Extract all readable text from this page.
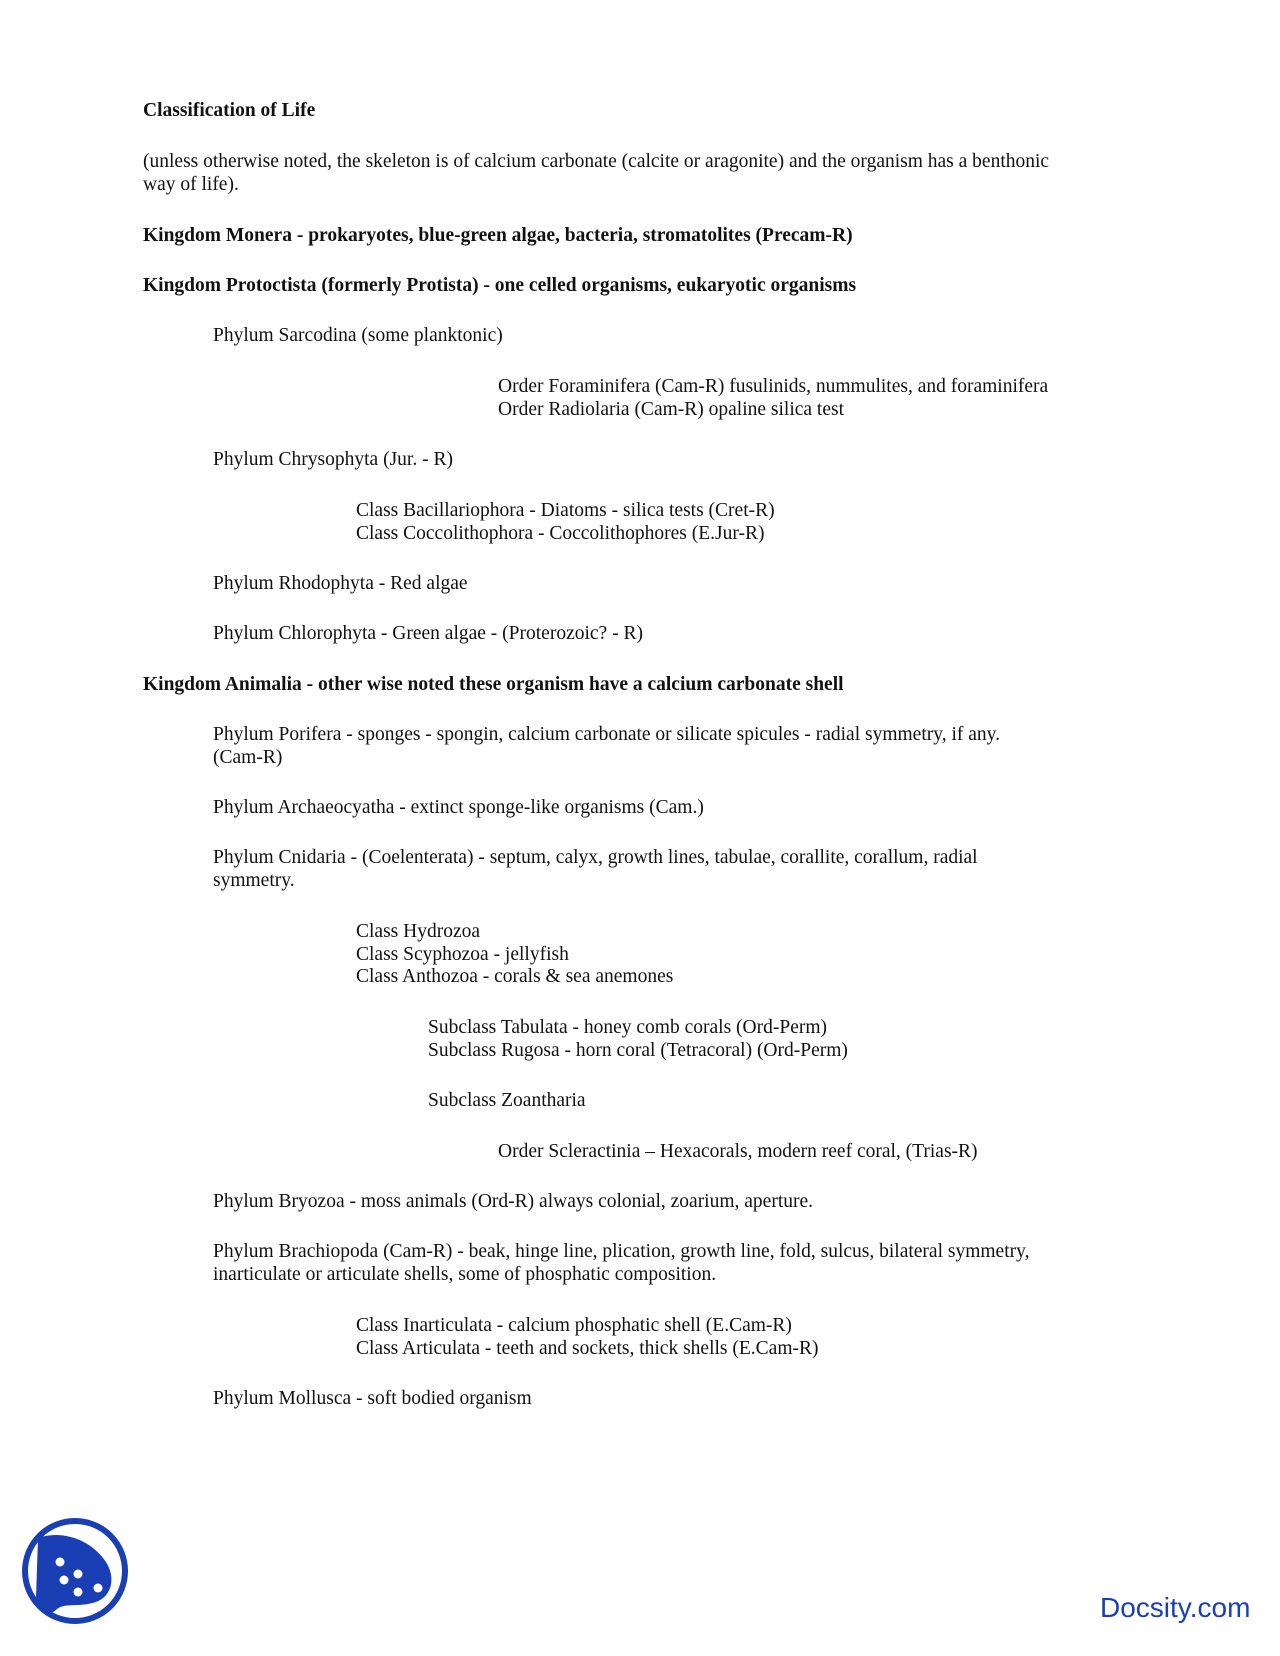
Classification of Life
(unless otherwise noted, the skeleton is of calcium carbonate (calcite or aragonite) and the organism has a benthonic
way of life).
Kingdom Monera - prokaryotes, blue-green algae, bacteria, stromatolites (Precam-R)
Kingdom Protoctista (formerly Protista) - one celled organisms, eukaryotic organisms
Phylum Sarcodina (some planktonic)
Order Foraminifera (Cam-R) fusulinids, nummulites, and foraminifera
Order Radiolaria (Cam-R) opaline silica test
Phylum Chrysophyta (Jur. - R)
Class Bacillariophora - Diatoms - silica tests (Cret-R)
Class Coccolithophora - Coccolithophores (E.Jur-R)
Phylum Rhodophyta - Red algae
Phylum Chlorophyta - Green algae - (Proterozoic? - R)
Kingdom Animalia - other wise noted these organism have a calcium carbonate shell
Phylum Porifera - sponges - spongin, calcium carbonate or silicate spicules - radial symmetry, if any.
(Cam-R)
Phylum Archaeocyatha - extinct sponge-like organisms (Cam.)
Phylum Cnidaria - (Coelenterata) - septum, calyx, growth lines, tabulae, corallite, corallum, radial
symmetry.
Class Hydrozoa
Class Scyphozoa - jellyfish
Class Anthozoa - corals & sea anemones
Subclass Tabulata - honey comb corals (Ord-Perm)
Subclass Rugosa - horn coral (Tetracoral) (Ord-Perm)
Subclass Zoantharia
Order Scleractinia – Hexacorals, modern reef coral, (Trias-R)
Phylum Bryozoa - moss animals (Ord-R) always colonial, zoarium, aperture.
Phylum Brachiopoda (Cam-R) - beak, hinge line, plication, growth line, fold, sulcus, bilateral symmetry,
inarticulate or articulate shells, some of phosphatic composition.
Class Inarticulata - calcium phosphatic shell (E.Cam-R)
Class Articulata - teeth and sockets, thick shells (E.Cam-R)
Phylum Mollusca - soft bodied organism
Docsity.com
